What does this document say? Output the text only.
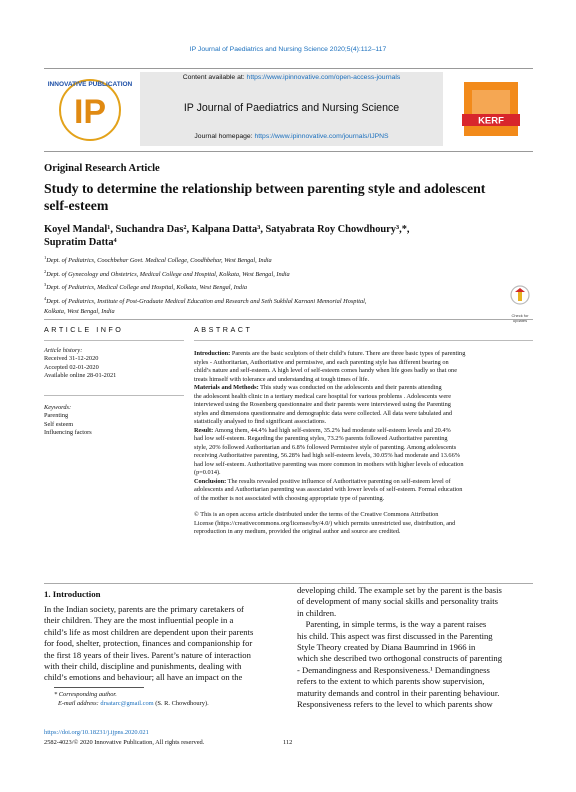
IP Journal of Paediatrics and Nursing Science 2020;5(4):112–117
IP
INNOVATIVE PUBLICATION
Content available at: https://www.ipinnovative.com/open-access-journals
IP Journal of Paediatrics and Nursing Science
Journal homepage: https://www.ipinnovative.com/journals/IJPNS
KERF
Original Research Article
Study to determine the relationship between parenting style and adolescent self-esteem
Koyel Mandal¹, Suchandra Das², Kalpana Datta³, Satyabrata Roy Chowdhoury³,*,
Supratim Datta⁴
$^1$Dept. of Pediatrics, Coochbehar Govt. Medical College, Coodhbehar, West Bengal, India
$^2$Dept. of Gynecology and Obstetrics, Medical College and Hospital, Kolkata, West Bengal, India
$^3$Dept. of Pediatrics, Medical College and Hospital, Kolkata, West Bengal, India
$^4$Dept. of Pediatrics, Institute of Post-Graduate Medical Education and Research and Seth Sukhlal Karnani Memorial Hospital,
Kolkata, West Bengal, India
Check for updates
ARTICLE INFO
Article history:
Received 31-12-2020
Accepted 02-01-2020
Available online 28-01-2021
Keywords:
Parenting
Self esteem
Influencing factors
ABSTRACT
Introduction: Parents are the basic sculptors of their child’s future. There are three basic types of parenting
styles - Authoritarian, Authoritative and permissive, and each parenting style has different bearing on
child’s nature and self-esteem. A high level of self-esteem comes handy when life goes badly so that one
treats himself with tolerance and understanding at tough times of life.
Materials and Methods: This study was conducted on the adolescents and their parents attending
the adolescent health clinic in a tertiary medical care hospital for various problems . Adolescents were
interviewed using the Rosenberg questionnaire and their parents were interviewed using the Parenting
styles and dimensions questionnaire and demographic data were collected. All data were tabulated and
statistically analysed to find significant associations.
Result: Among them, 44.4% had high self-esteem, 35.2% had moderate self-esteem levels and 20.4%
had low self-esteem. Regarding the parenting styles, 73.2% parents followed Authoritative parenting
style, 20% followed Authoritarian and 6.8% followed Permissive style of parenting. Among adolescents
receiving Authoritative parenting, 56.28% had high self-esteem levels, 30.05% had moderate and 13.66%
had low self-esteem. Authoritative parenting was more common in mothers with higher levels of education
(p=0.014).
Conclusion: The results revealed positive influence of Authoritative parenting on self-esteem level of
adolescents and Authoritarian parenting was associated with lower levels of self-esteem. Formal education
of the mother is not associated with choosing appropriate type of parenting.
© This is an open access article distributed under the terms of the Creative Commons Attribution
License (https://creativecommons.org/licenses/by/4.0/) which permits unrestricted use, distribution, and
reproduction in any medium, provided the original author and source are credited.
1. Introduction
In the Indian society, parents are the primary caretakers of
their children. They are the most influential people in a
child’s life as most children are dependent upon their parents
for food, shelter, protection, finances and companionship for
the first 18 years of their lives. Parent’s nature of interaction
with their child, discipline and punishments, dealing with
child’s emotions and behaviour; all have an impact on the
developing child. The example set by the parent is the basis
of development of many social skills and personality traits
in children.
Parenting, in simple terms, is the way a parent raises
his child. This aspect was first discussed in the Parenting
Style Theory created by Diana Baumrind in 1966 in
which she described two orthogonal constructs of parenting
- Demandingness and Responsiveness.¹ Demandingness
refers to the extent to which parents show supervision,
maturity demands and control in their parenting behaviour.
Responsiveness refers to the level to which parents show
* Corresponding author.
E-mail address: drsatarc@gmail.com (S. R. Chowdhoury).
https://doi.org/10.18231/j.ijpns.2020.021
2582-4023/© 2020 Innovative Publication, All rights reserved.	112
